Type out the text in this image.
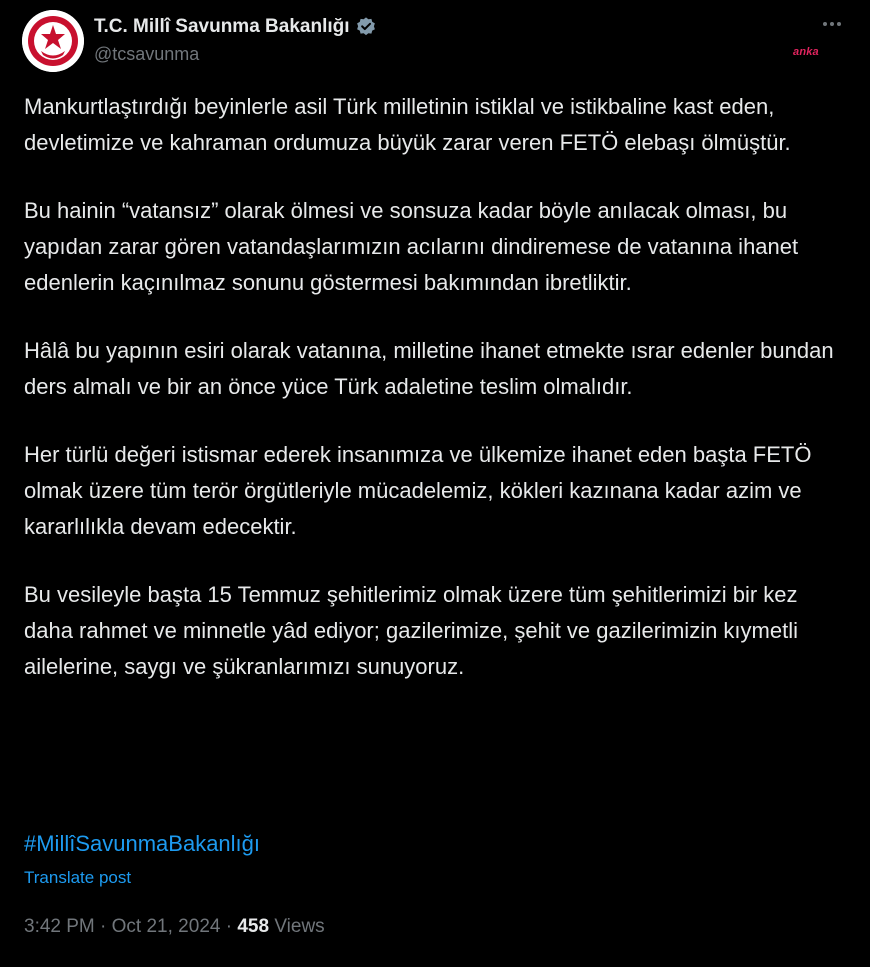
T.C. Millî Savunma Bakanlığı
@tcsavunma	anka

Mankurtlaştırdığı beyinlerle asil Türk milletinin istiklal ve istikbaline kast eden, devletimize ve kahraman ordumuza büyük zarar veren FETÖ elebaşı ölmüştür.

Bu hainin “vatansız” olarak ölmesi ve sonsuza kadar böyle anılacak olması, bu yapıdan zarar gören vatandaşlarımızın acılarını dindiremese de vatanına ihanet edenlerin kaçınılmaz sonunu göstermesi bakımından ibretliktir.

Hâlâ bu yapının esiri olarak vatanına, milletine ihanet etmekte ısrar edenler bundan ders almalı ve bir an önce yüce Türk adaletine teslim olmalıdır.

Her türlü değeri istismar ederek insanımıza ve ülkemize ihanet eden başta FETÖ olmak üzere tüm terör örgütleriyle mücadelemiz, kökleri kazınana kadar azim ve kararlılıkla devam edecektir.

Bu vesileyle başta 15 Temmuz şehitlerimiz olmak üzere tüm şehitlerimizi bir kez daha rahmet ve minnetle yâd ediyor; gazilerimize, şehit ve gazilerimizin kıymetli ailelerine, saygı ve şükranlarımızı sunuyoruz.

#MillîSavunmaBakanlığı
Translate post
3:42 PM · Oct 21, 2024 · 458 Views
